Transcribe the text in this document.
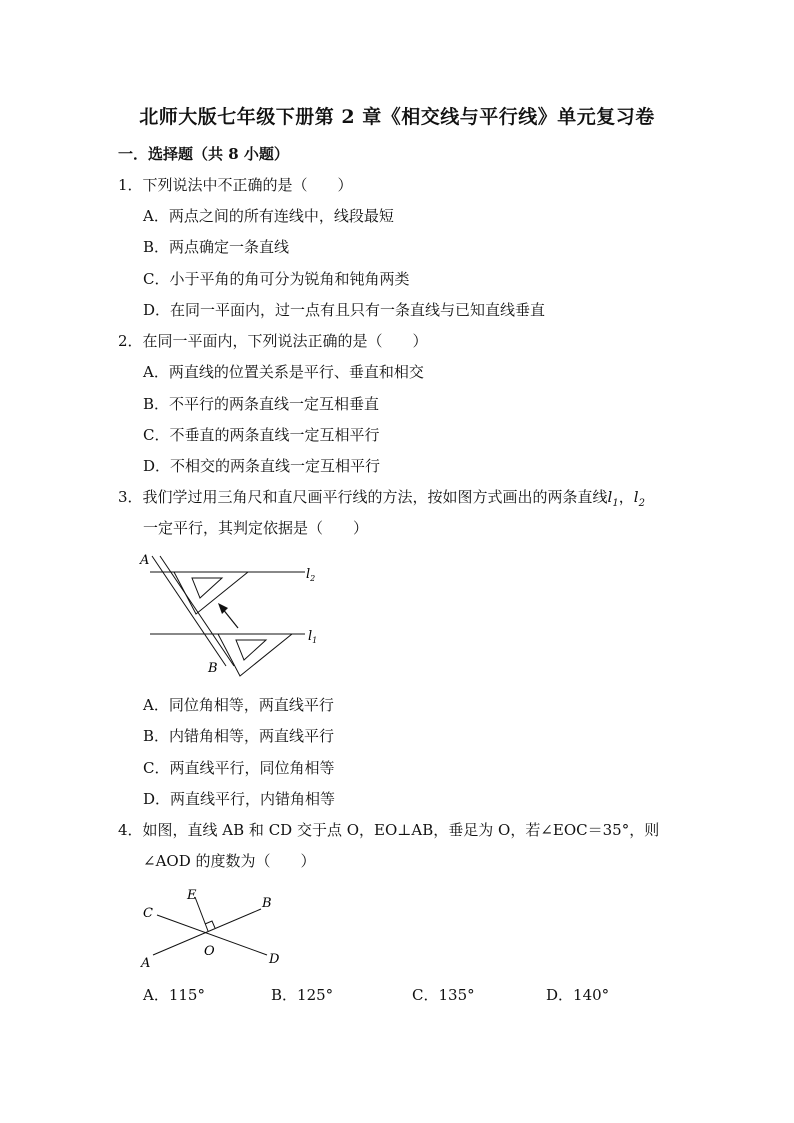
北师大版七年级下册第 2 章《相交线与平行线》单元复习卷
一．选择题（共 8 小题）
1．下列说法中不正确的是（　　）
A．两点之间的所有连线中，线段最短
B．两点确定一条直线
C．小于平角的角可分为锐角和钝角两类
D．在同一平面内，过一点有且只有一条直线与已知直线垂直
2．在同一平面内，下列说法正确的是（　　）
A．两直线的位置关系是平行、垂直和相交
B．不平行的两条直线一定互相垂直
C．不垂直的两条直线一定互相平行
D．不相交的两条直线一定互相平行
3．我们学过用三角尺和直尺画平行线的方法，按如图方式画出的两条直线$l_1$，$l_2$
一定平行，其判定依据是（　　）
A
B
$l_2$
$l_1$
A．同位角相等，两直线平行
B．内错角相等，两直线平行
C．两直线平行，同位角相等
D．两直线平行，内错角相等
4．如图，直线 AB 和 CD 交于点 O，EO⊥AB，垂足为 O，若∠EOC＝35°，则
∠AOD 的度数为（　　）
C
E
B
O
D
A
A．115°	B．125°	C．135°	D．140°
